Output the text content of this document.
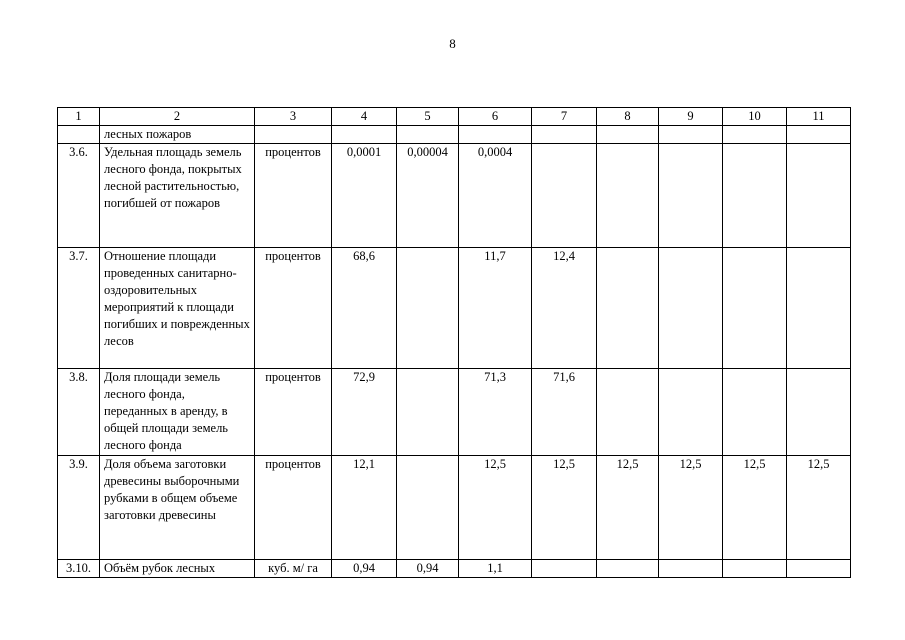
8
1	2	3	4	5	6	7	8	9	10	11
	лесных пожаров									
3.6.	Удельная площадь земель лесного фонда, покрытых лесной растительностью, погибшей от пожаров	процентов	0,0001	0,00004	0,0004					
3.7.	Отношение площади проведенных санитарно-оздоровительных мероприятий к площади погибших и поврежденных лесов	процентов	68,6		11,7	12,4				
3.8.	Доля площади земель лесного фонда, переданных в аренду, в общей площади земель лесного фонда	процентов	72,9		71,3	71,6				
3.9.	Доля объема заготовки древесины выборочными рубками в общем объеме заготовки древесины	процентов	12,1		12,5	12,5	12,5	12,5	12,5	12,5
3.10.	Объём рубок лесных	куб. м/ га	0,94	0,94	1,1					
